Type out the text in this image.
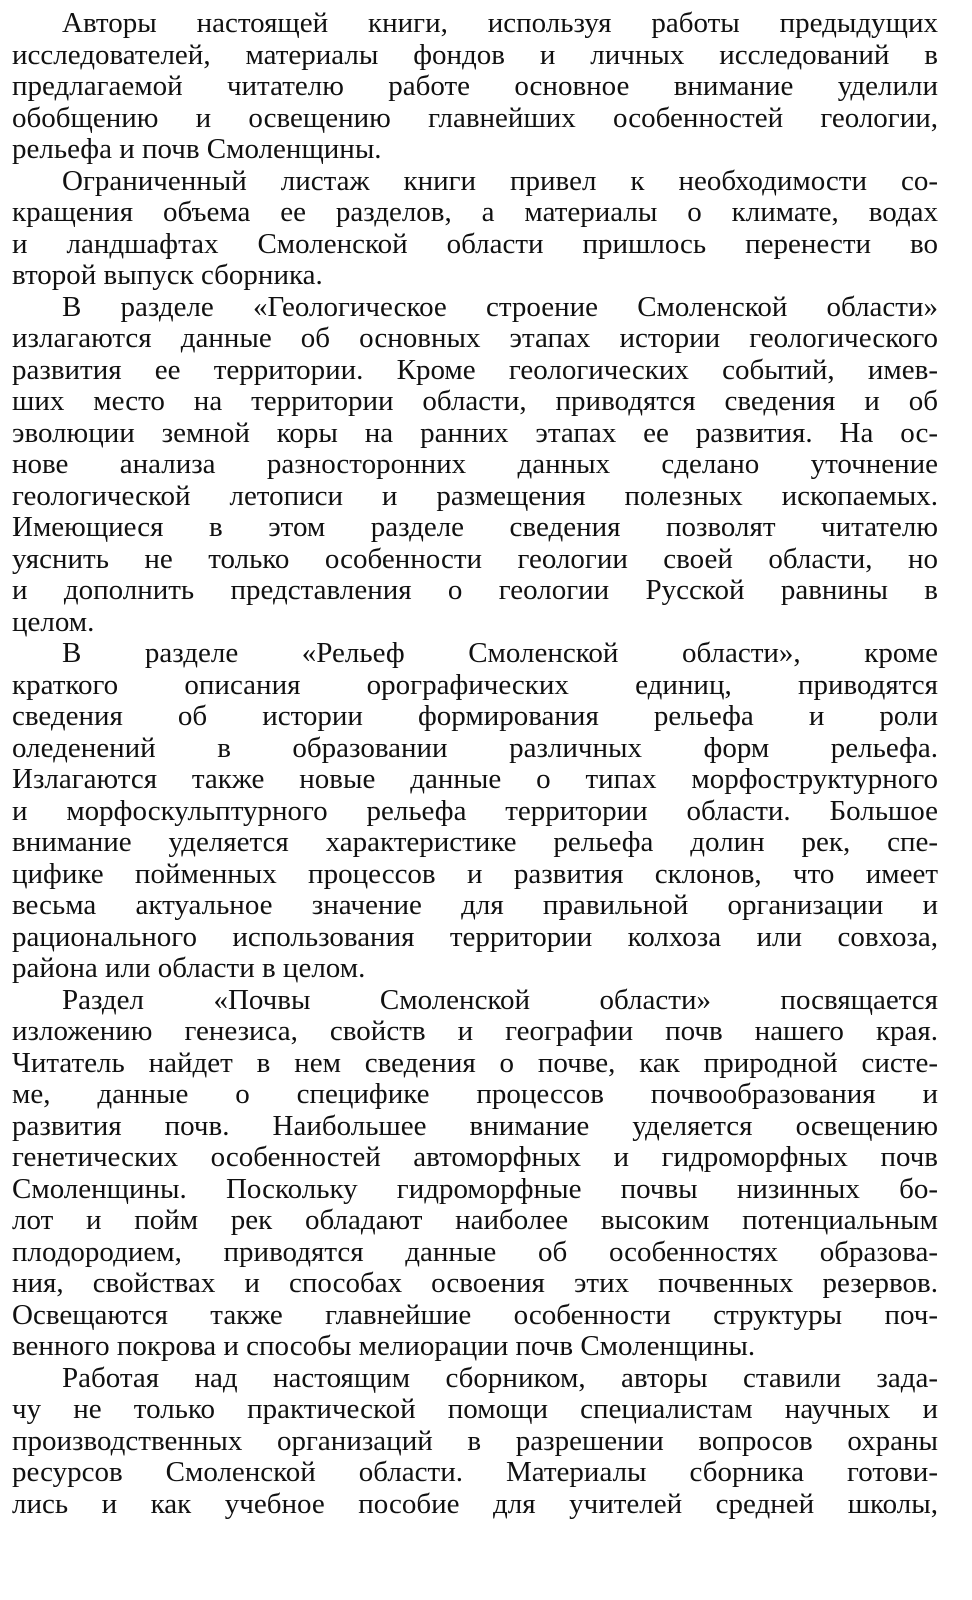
Авторы настоящей книги, используя работы предыдущих
исследователей, материалы фондов и личных исследований в
предлагаемой читателю работе основное внимание уделили
обобщению и освещению главнейших особенностей геологии,
рельефа и почв Смоленщины.
Ограниченный листаж книги привел к необходимости со-
кращения объема ее разделов, а материалы о климате, водах
и ландшафтах Смоленской области пришлось перенести во
второй выпуск сборника.
В разделе «Геологическое строение Смоленской области»
излагаются данные об основных этапах истории геологического
развития ее территории. Кроме геологических событий, имев-
ших место на территории области, приводятся сведения и об
эволюции земной коры на ранних этапах ее развития. На ос-
нове анализа разносторонних данных сделано уточнение
геологической летописи и размещения полезных ископаемых.
Имеющиеся в этом разделе сведения позволят читателю
уяснить не только особенности геологии своей области, но
и дополнить представления о геологии Русской равнины в
целом.
В разделе «Рельеф Смоленской области», кроме
краткого описания орографических единиц, приводятся
сведения об истории формирования рельефа и роли
оледенений в образовании различных форм рельефа.
Излагаются также новые данные о типах морфоструктурного
и морфоскульптурного рельефа территории области. Большое
внимание уделяется характеристике рельефа долин рек, спе-
цифике пойменных процессов и развития склонов, что имеет
весьма актуальное значение для правильной организации и
рационального использования территории колхоза или совхоза,
района или области в целом.
Раздел «Почвы Смоленской области» посвящается
изложению генезиса, свойств и географии почв нашего края.
Читатель найдет в нем сведения о почве, как природной систе-
ме, данные о специфике процессов почвообразования и
развития почв. Наибольшее внимание уделяется освещению
генетических особенностей автоморфных и гидроморфных почв
Смоленщины. Поскольку гидроморфные почвы низинных бо-
лот и пойм рек обладают наиболее высоким потенциальным
плодородием, приводятся данные об особенностях образова-
ния, свойствах и способах освоения этих почвенных резервов.
Освещаются также главнейшие особенности структуры поч-
венного покрова и способы мелиорации почв Смоленщины.
Работая над настоящим сборником, авторы ставили зада-
чу не только практической помощи специалистам научных и
производственных организаций в разрешении вопросов охраны
ресурсов Смоленской области. Материалы сборника готови-
лись и как учебное пособие для учителей средней школы,
